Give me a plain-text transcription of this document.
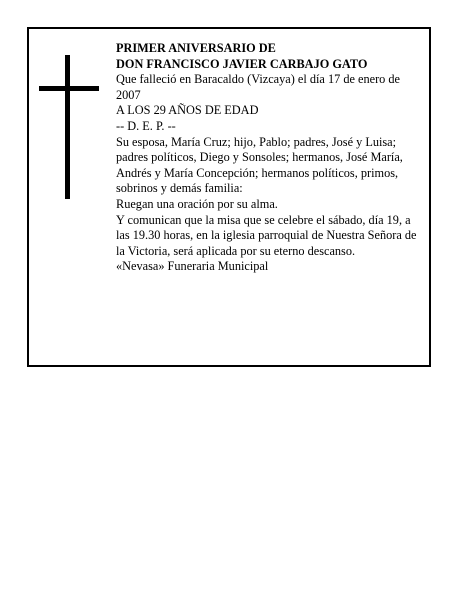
PRIMER ANIVERSARIO DE

DON FRANCISCO JAVIER CARBAJO GATO

Que falleció en Baracaldo (Vizcaya) el día 17 de enero de 2007

A LOS 29 AÑOS DE EDAD

-- D. E. P. --

Su esposa, María Cruz; hijo, Pablo; padres, José y Luisa; padres políticos, Diego y Sonsoles; hermanos, José María, Andrés y María Concepción; hermanos políticos, primos, sobrinos y demás familia:

Ruegan una oración por su alma.

Y comunican que la misa que se celebre el sábado, día 19, a las 19.30 horas, en la iglesia parroquial de Nuestra Señora de la Victoria, será aplicada por su eterno descanso.

«Nevasa» Funeraria Municipal
